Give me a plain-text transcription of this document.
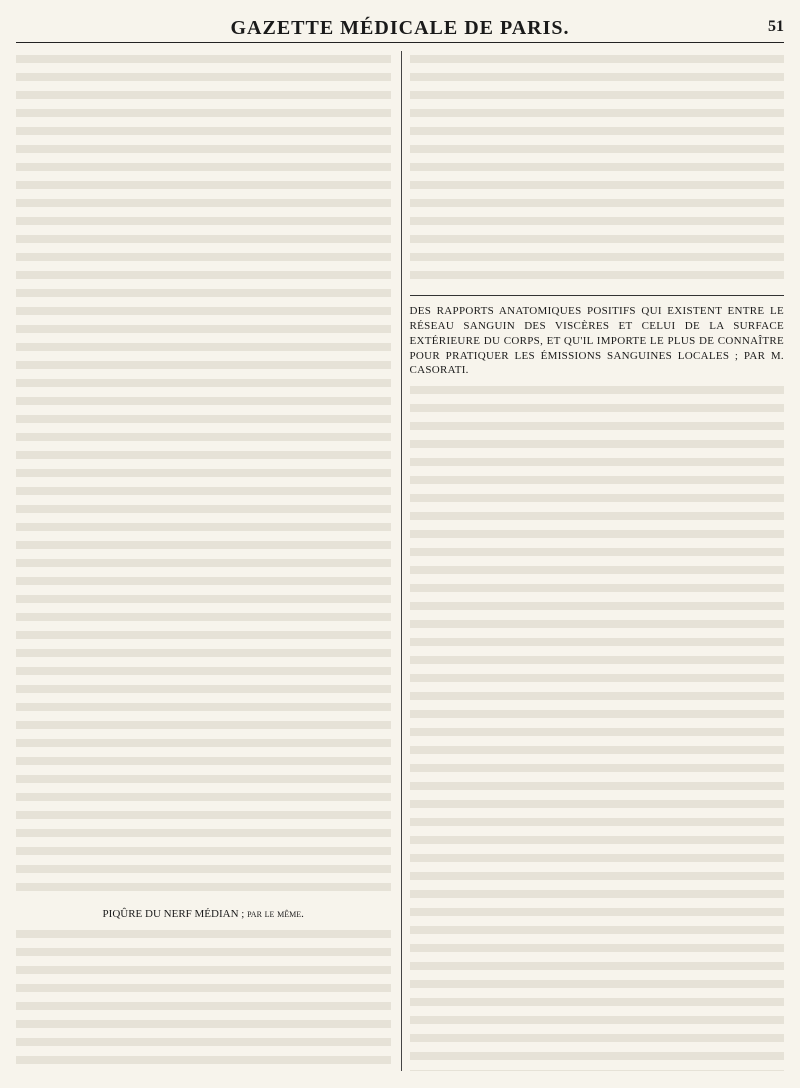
GAZETTE MÉDICALE DE PARIS.	51
PIQÛRE DU NERF MÉDIAN ; par le même.
DES RAPPORTS ANATOMIQUES POSITIFS QUI EXISTENT ENTRE LE RÉSEAU SANGUIN DES VISCÈRES ET CELUI DE LA SURFACE EXTÉRIEURE DU CORPS, ET QU'IL IMPORTE LE PLUS DE CONNAÎTRE POUR PRATIQUER LES ÉMISSIONS SANGUINES LOCALES ; PAR M. CASORATI.
